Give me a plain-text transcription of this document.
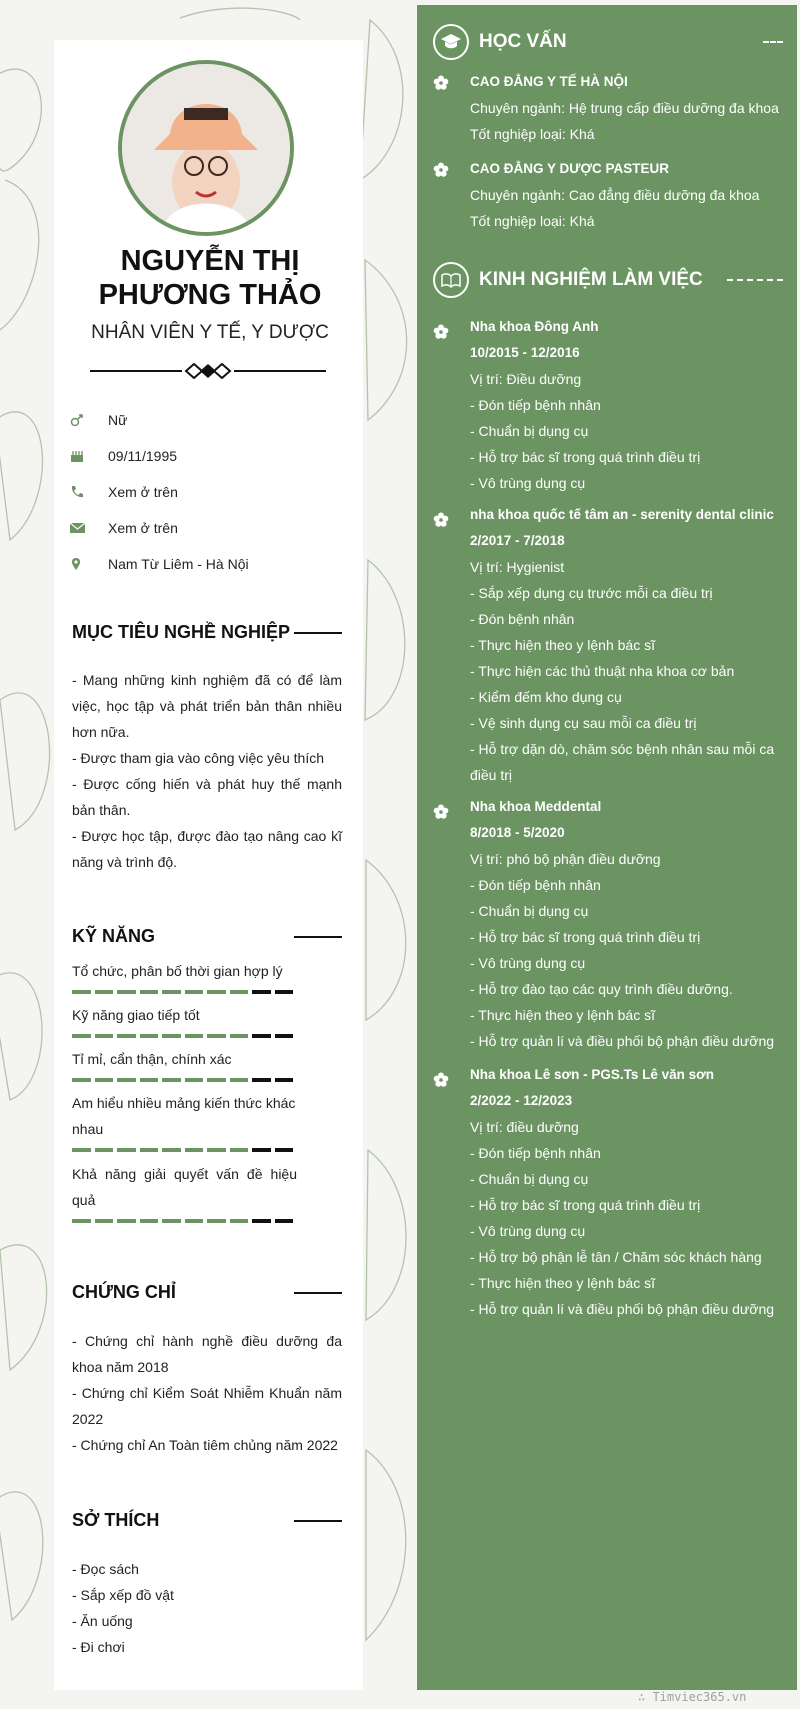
NGUYỄN THỊ PHƯƠNG THẢO
NHÂN VIÊN Y TẾ, Y DƯỢC
Nữ
09/11/1995
Xem ở trên
Xem ở trên
Nam Từ Liêm - Hà Nội
MỤC TIÊU NGHỀ NGHIỆP
- Mang những kinh nghiệm đã có để làm việc, học tập và phát triển bản thân nhiều hơn nữa.
- Được tham gia vào công việc yêu thích
- Được cống hiến và phát huy thế mạnh bản thân.
- Được học tập, được đào tạo nâng cao kĩ năng và trình độ.
KỸ NĂNG
Tổ chức, phân bố thời gian hợp lý
Kỹ năng giao tiếp tốt
Tỉ mỉ, cẩn thận, chính xác
Am hiểu nhiều mảng kiến thức khác nhau
Khả năng giải quyết vấn đề hiệu quả
CHỨNG CHỈ
- Chứng chỉ hành nghề điều dưỡng đa khoa năm 2018
- Chứng chỉ Kiểm Soát Nhiễm Khuẩn năm 2022
- Chứng chỉ An Toàn tiêm chủng năm 2022
SỞ THÍCH
- Đọc sách
- Sắp xếp đồ vật
- Ăn uống
- Đi chơi
HỌC VẤN
CAO ĐẲNG Y TẾ HÀ NỘI
Chuyên ngành: Hệ trung cấp điều dưỡng đa khoa
Tốt nghiệp loại: Khá
CAO ĐẲNG Y DƯỢC PASTEUR
Chuyên ngành: Cao đẳng điều dưỡng đa khoa
Tốt nghiệp loại: Khá
KINH NGHIỆM LÀM VIỆC
Nha khoa Đông Anh
10/2015 - 12/2016
Vị trí: Điều dưỡng
- Đón tiếp bệnh nhân
- Chuẩn bị dụng cụ
- Hỗ trợ bác sĩ trong quá trình điều trị
- Vô trùng dụng cụ
nha khoa quốc tế tâm an - serenity dental clinic
2/2017 - 7/2018
Vị trí: Hygienist
- Sắp xếp dụng cụ trước mỗi ca điều trị
- Đón bệnh nhân
- Thực hiện theo y lệnh bác sĩ
- Thực hiện các thủ thuật nha khoa cơ bản
- Kiểm đếm kho dụng cụ
- Vệ sinh dụng cụ sau mỗi ca điều trị
- Hỗ trợ dặn dò, chăm sóc bệnh nhân sau mỗi ca điều trị
Nha khoa Meddental
8/2018 - 5/2020
Vị trí: phó bộ phận điều dưỡng
- Đón tiếp bệnh nhân
- Chuẩn bị dụng cụ
- Hỗ trợ bác sĩ trong quá trình điều trị
- Vô trùng dụng cụ
- Hỗ trợ đào tạo các quy trình điều dưỡng.
- Thực hiện theo y lệnh bác sĩ
- Hỗ trợ quản lí và điều phối bộ phận điều dưỡng
Nha khoa Lê sơn - PGS.Ts Lê văn sơn
2/2022 - 12/2023
Vị trí: điều dưỡng
- Đón tiếp bệnh nhân
- Chuẩn bị dụng cụ
- Hỗ trợ bác sĩ trong quá trình điều trị
- Vô trùng dụng cụ
- Hỗ trợ bộ phận lễ tân / Chăm sóc khách hàng
- Thực hiện theo y lệnh bác sĩ
- Hỗ trợ quản lí và điều phối bộ phận điều dưỡng
∴ Timviec365.vn
